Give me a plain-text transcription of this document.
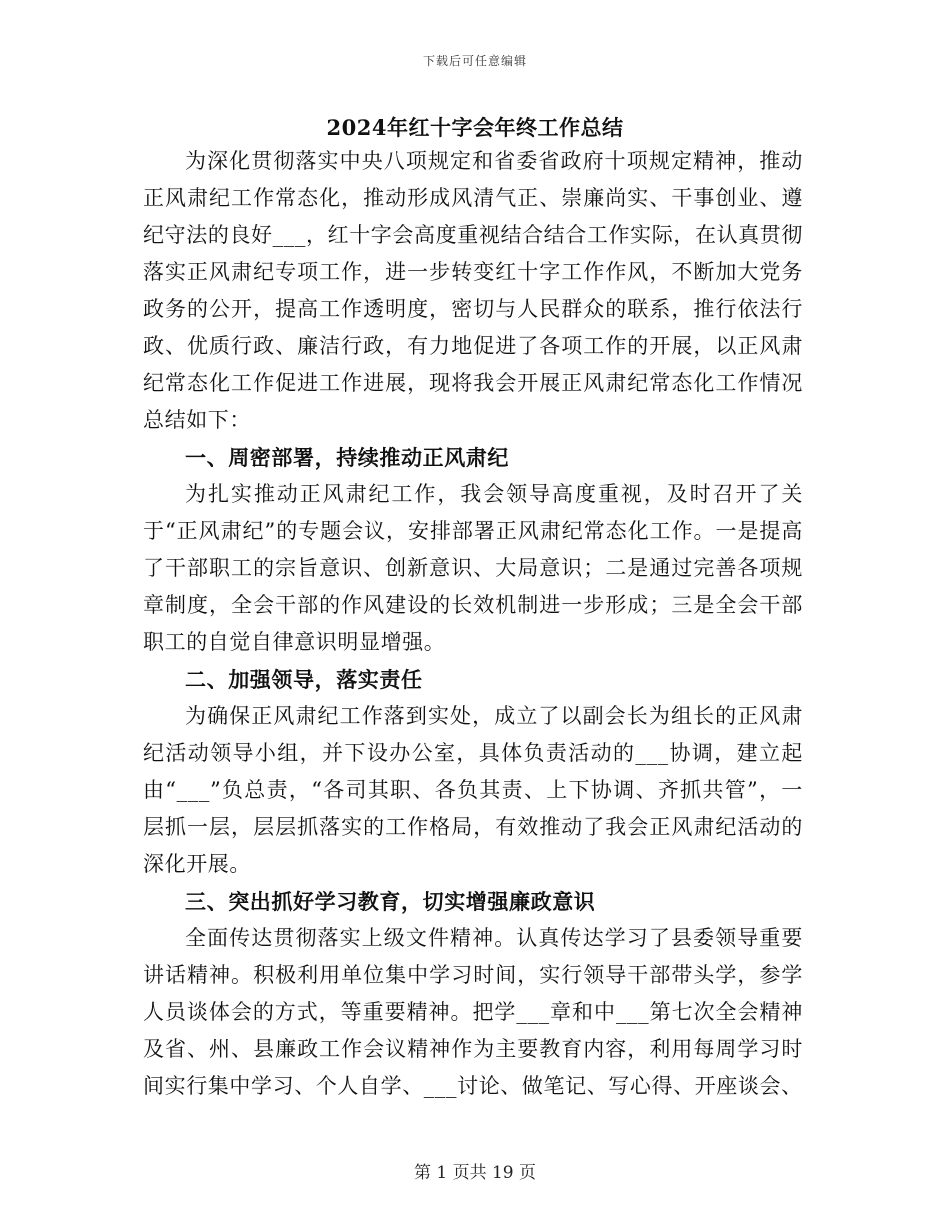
下载后可任意编辑
2024年红十字会年终工作总结

为深化贯彻落实中央八项规定和省委省政府十项规定精神，推动正风肃纪工作常态化，推动形成风清气正、崇廉尚实、干事创业、遵纪守法的良好___，红十字会高度重视结合结合工作实际，在认真贯彻落实正风肃纪专项工作，进一步转变红十字工作作风，不断加大党务政务的公开，提高工作透明度，密切与人民群众的联系，推行依法行政、优质行政、廉洁行政，有力地促进了各项工作的开展，以正风肃纪常态化工作促进工作进展，现将我会开展正风肃纪常态化工作情况总结如下：

一、周密部署，持续推动正风肃纪

为扎实推动正风肃纪工作，我会领导高度重视，及时召开了关于“正风肃纪”的专题会议，安排部署正风肃纪常态化工作。一是提高了干部职工的宗旨意识、创新意识、大局意识；二是通过完善各项规章制度，全会干部的作风建设的长效机制进一步形成；三是全会干部职工的自觉自律意识明显增强。

二、加强领导，落实责任

为确保正风肃纪工作落到实处，成立了以副会长为组长的正风肃纪活动领导小组，并下设办公室，具体负责活动的___协调，建立起由“___”负总责，“各司其职、各负其责、上下协调、齐抓共管”，一层抓一层，层层抓落实的工作格局，有效推动了我会正风肃纪活动的深化开展。

三、突出抓好学习教育，切实增强廉政意识

全面传达贯彻落实上级文件精神。认真传达学习了县委领导重要讲话精神。积极利用单位集中学习时间，实行领导干部带头学，参学人员谈体会的方式，等重要精神。把学___章和中___第七次全会精神及省、州、县廉政工作会议精神作为主要教育内容，利用每周学习时间实行集中学习、个人自学、___讨论、做笔记、写心得、开座谈会、

第 1 页共 19 页
